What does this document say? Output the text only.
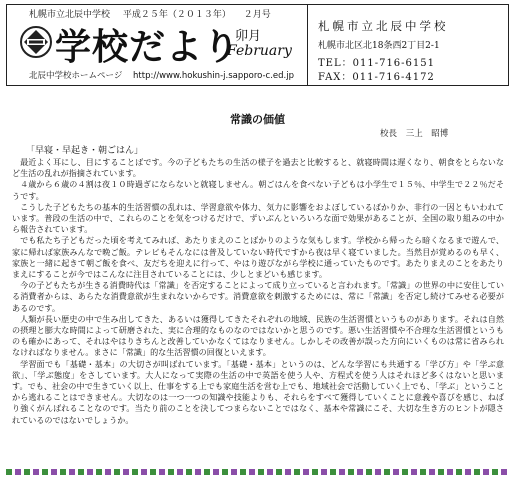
札幌市立北辰中学校 平成２５年（２０１３年） ２月号
学校だより
卯月
February
北辰中学校ホームページ http://www.hokushin-j.sapporo-c.ed.jp
札幌市立北辰中学校
札幌市北区北18条西2丁目2-1
TEL：011-716-6151
FAX：011-716-4172
常識の価値
校長 三上　昭博
「早寝・早起き・朝ごはん」

最近よく耳にし、目にすることばです。今の子どもたちの生活の様子を過去と比較すると、就寝時間は遅くなり、朝食をとらないなど生活の乱れが指摘されています。

４歳から６歳の４割は夜１０時過ぎにならないと就寝しません。朝ごはんを食べない子どもは小学生で１５％、中学生で２２％だそうです。

こうした子どもたちの基本的生活習慣の乱れは、学習意欲や体力、気力に影響をおよぼしているばかりか、非行の一因ともいわれています。普段の生活の中で、これらのことを気をつけるだけで、ずいぶんといろいろな面で効果があることが、全国の取り組みの中から報告されています。

でも私たち子どもだった頃を考えてみれば、あたりまえのことばかりのような気もします。学校から帰ったら暗くなるまで遊んで、家に帰れば家族みんなで晩ご飯。テレビもそんなには普及していない時代ですから夜は早く寝ていました。当然目が覚めるのも早く、家族と一緒に起きて朝ご飯を食べ、友だちを迎えに行って、やはり遊びながら学校に通っていたものです。あたりまえのことをあたりまえにすることが今ではこんなに注目されていることには、少しとまどいも感じます。

今の子どもたちが生きる消費時代は「常識」を否定することによって成り立っていると言われます。「常識」の世界の中に安住している消費者からは、あらたな消費意欲が生まれないからです。消費意欲を刺激するためには、常に「常識」を否定し続けてみせる必要があるのです。

人類が長い歴史の中で生み出してきた、あるいは獲得してきたそれぞれの地域、民族の生活習慣というものがあります。それは自然の摂理と膨大な時間によって研磨された、実に合理的なものなのではないかと思うのです。悪い生活習慣や不合理な生活習慣というものも確かにあって、それはやはりきちんと改善していかなくてはなりません。しかしその改善が誤った方向にいくものは常に省みられなければなりません。まさに「常識」的な生活習慣の回復といえます。

学習面でも「基礎・基本」の大切さが叫ばれています。「基礎・基本」というのは、どんな学習にも共通する「学び方」や「学ぶ意欲」、「学ぶ態度」をさしています。大人になって実際の生活の中で英語を使う人や、方程式を使う人はそれほど多くはないと思います。でも、社会の中で生きていく以上、仕事をする上でも家庭生活を営む上でも、地域社会で活動していく上でも、「学ぶ」ということから逃れることはできません。大切なのは一つ一つの知識や技能よりも、それらをすべて獲得していくことに意義や喜びを感じ、ねばり強くがんばれることなのです。当たり前のことを決してつまらないことではなく、基本や常識にこそ、大切な生き方のヒントが隠されているのではないでしょうか。
